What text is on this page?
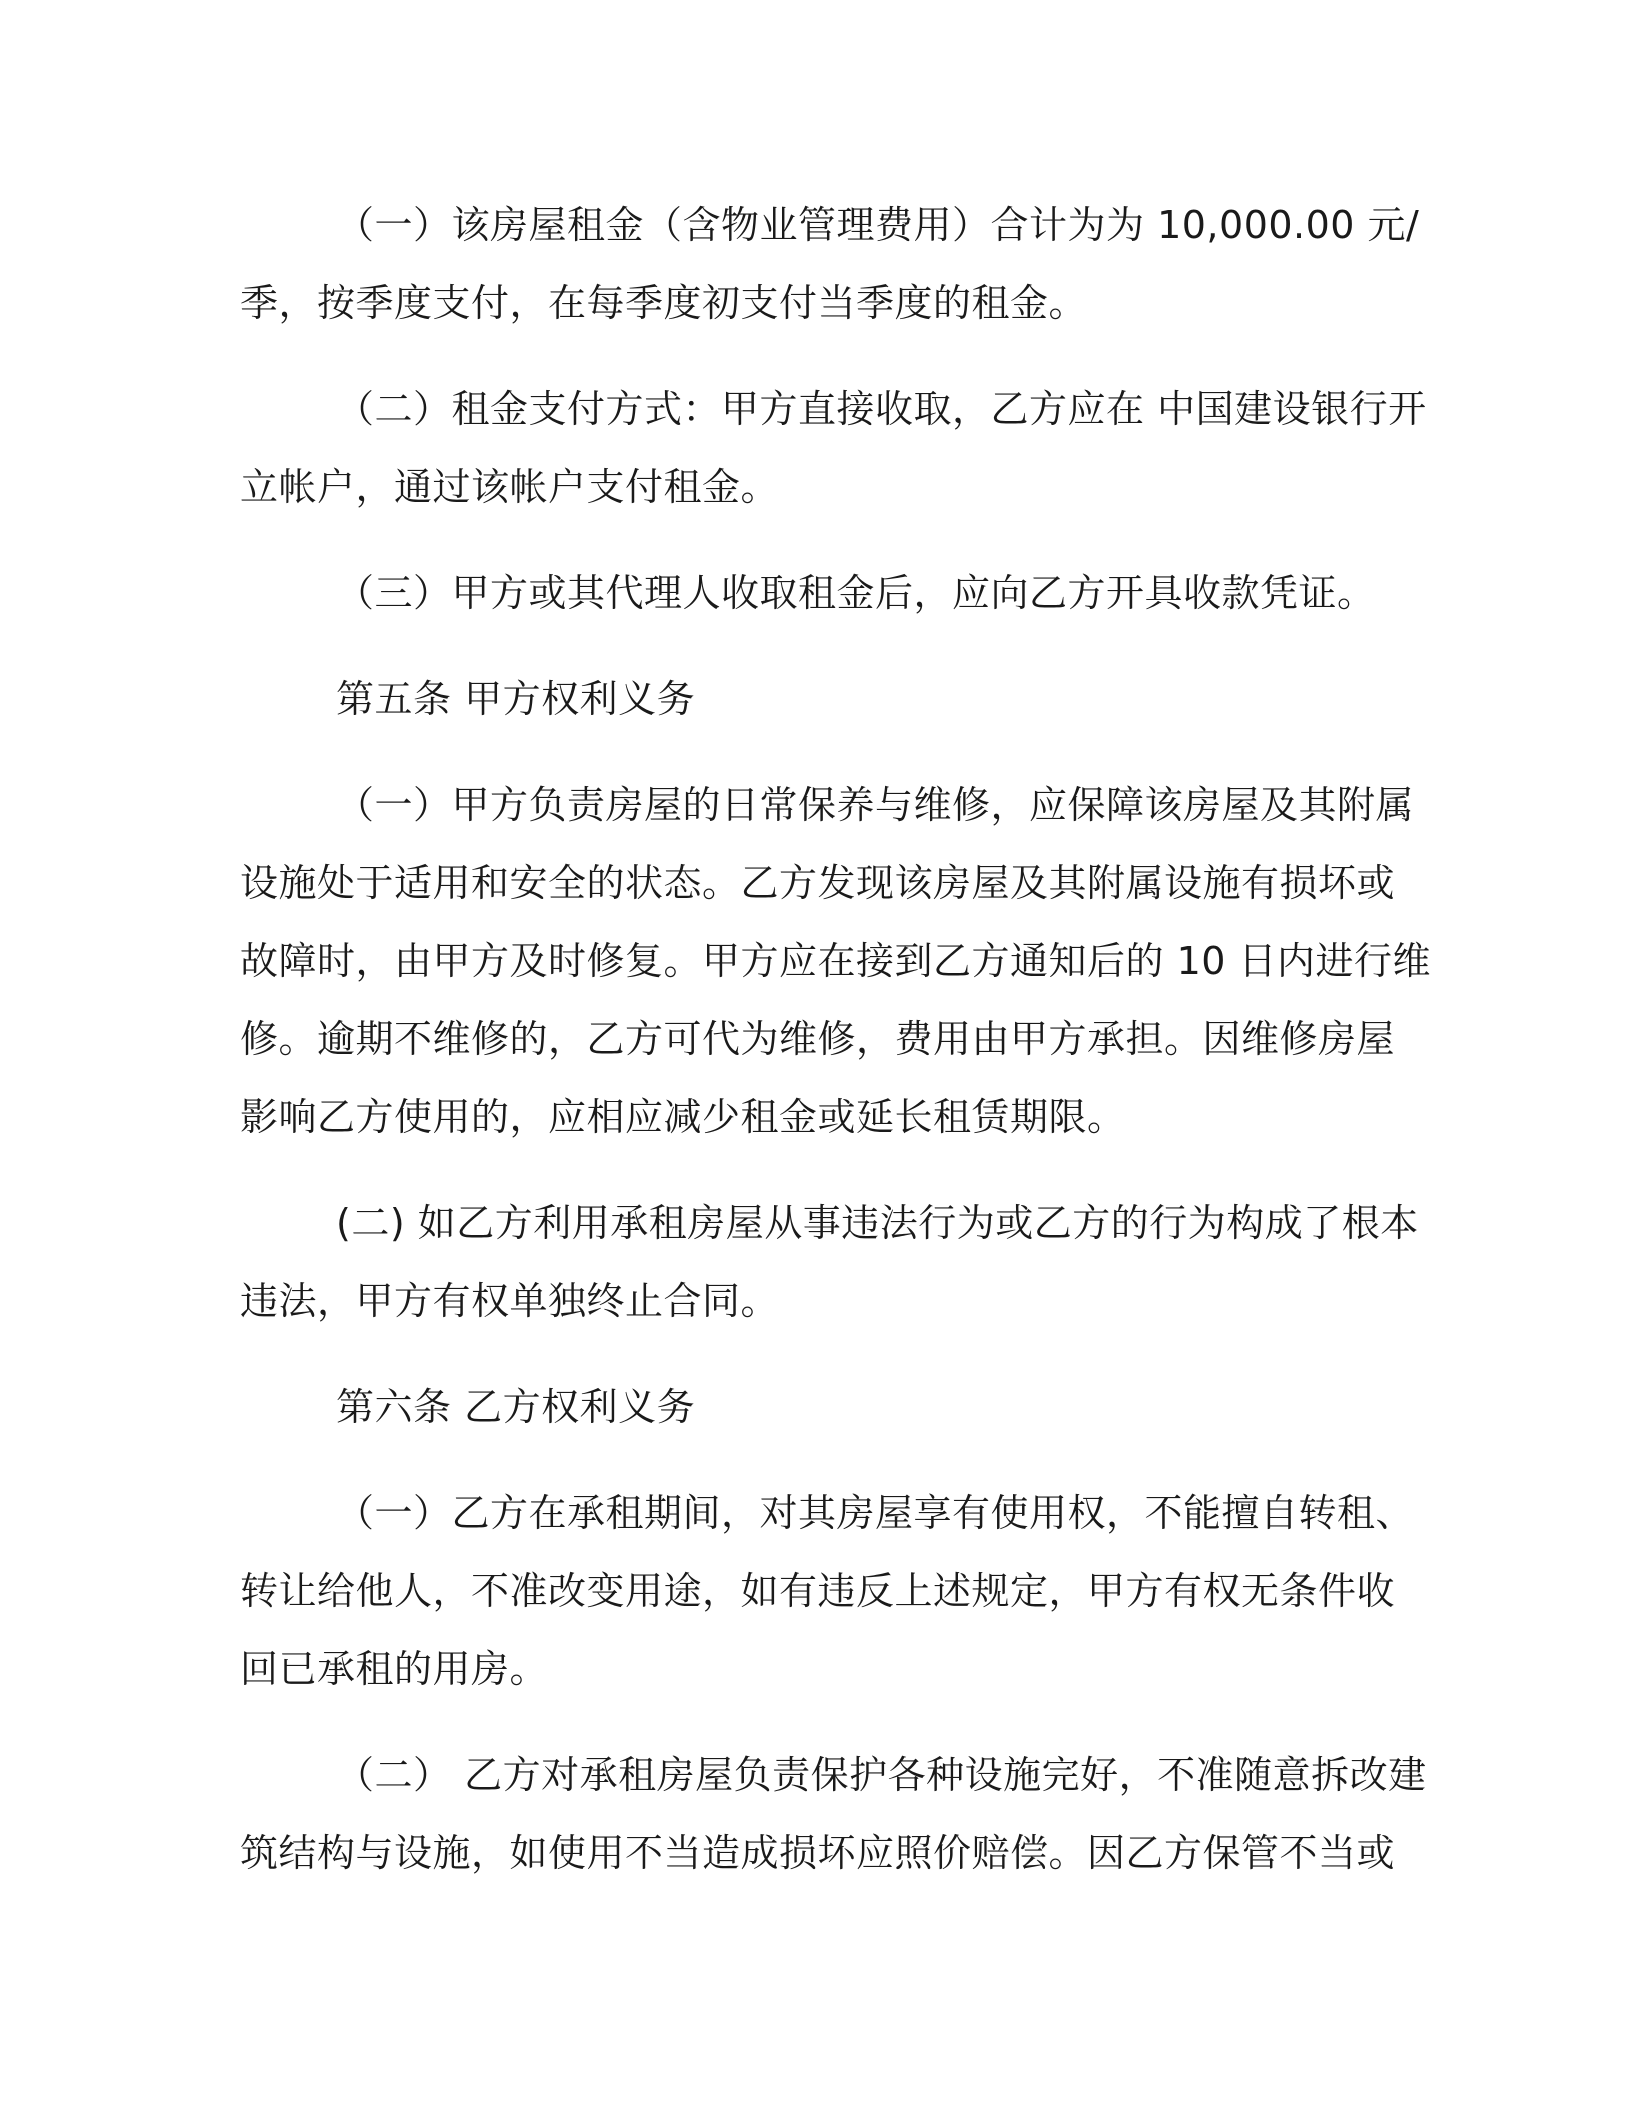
（一）该房屋租金（含物业管理费用）合计为为 10,000.00 元/
季，按季度支付，在每季度初支付当季度的租金。
（二）租金支付方式：甲方直接收取，乙方应在 中国建设银行开
立帐户，通过该帐户支付租金。
（三）甲方或其代理人收取租金后，应向乙方开具收款凭证。
第五条 甲方权利义务
（一）甲方负责房屋的日常保养与维修，应保障该房屋及其附属
设施处于适用和安全的状态。乙方发现该房屋及其附属设施有损坏或
故障时，由甲方及时修复。甲方应在接到乙方通知后的 10 日内进行维
修。逾期不维修的，乙方可代为维修，费用由甲方承担。因维修房屋
影响乙方使用的，应相应减少租金或延长租赁期限。
(二) 如乙方利用承租房屋从事违法行为或乙方的行为构成了根本
违法，甲方有权单独终止合同。
第六条 乙方权利义务
（一）乙方在承租期间，对其房屋享有使用权，不能擅自转租、
转让给他人，不准改变用途，如有违反上述规定，甲方有权无条件收
回已承租的用房。
（二） 乙方对承租房屋负责保护各种设施完好，不准随意拆改建
筑结构与设施，如使用不当造成损坏应照价赔偿。因乙方保管不当或
